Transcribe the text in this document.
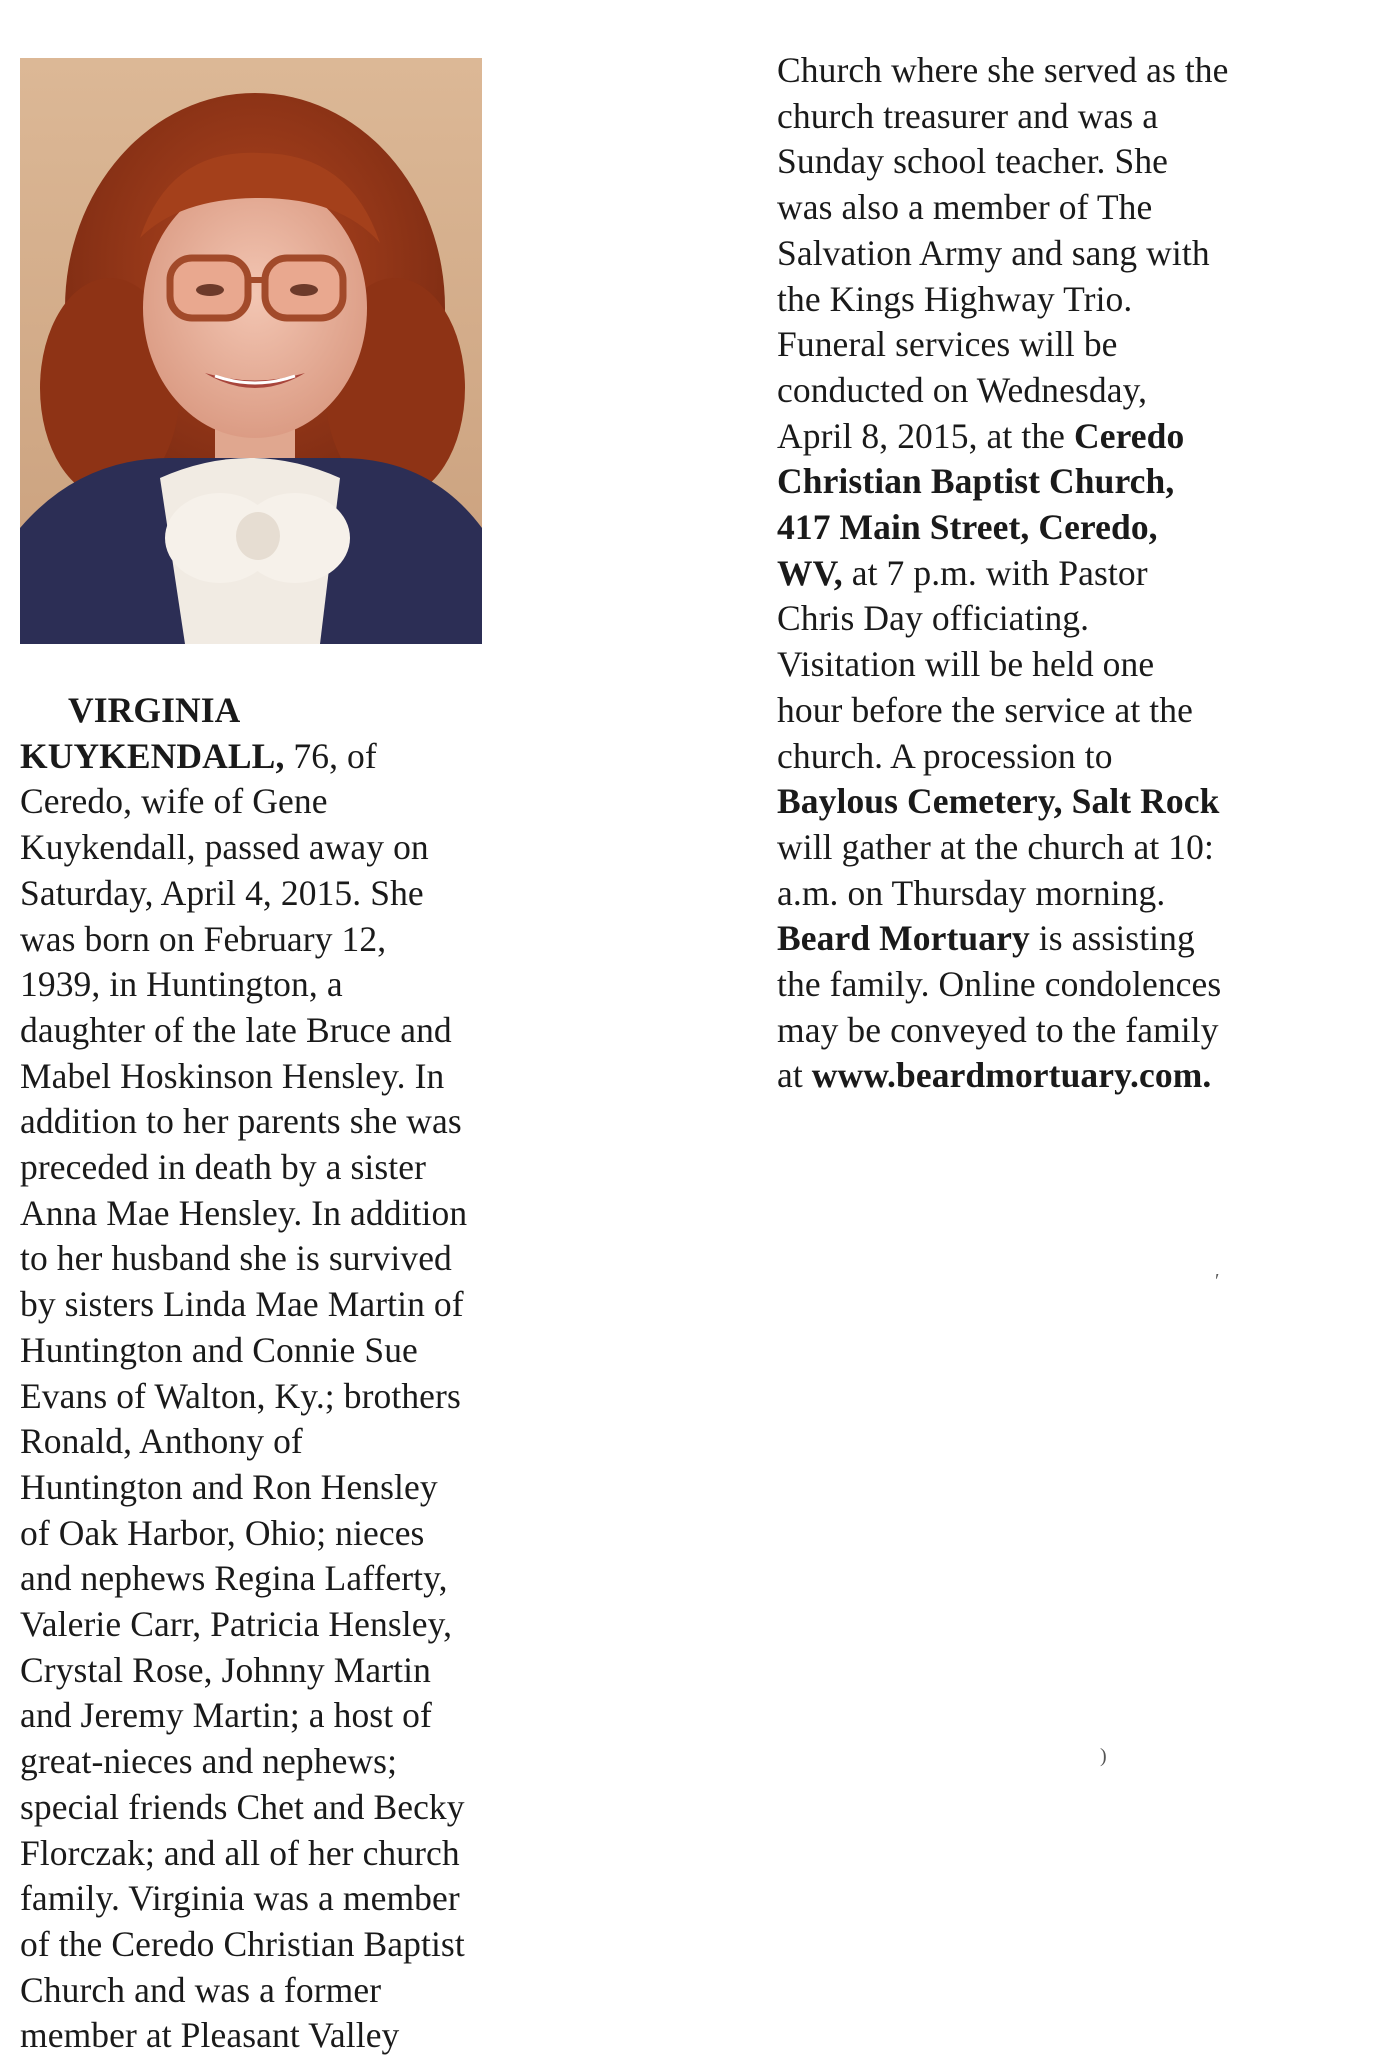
VIRGINIA
KUYKENDALL, 76, of
Ceredo, wife of Gene
Kuykendall, passed away on
Saturday, April 4, 2015. She
was born on February 12,
1939, in Huntington, a
daughter of the late Bruce and
Mabel Hoskinson Hensley. In
addition to her parents she was
preceded in death by a sister
Anna Mae Hensley. In addition
to her husband she is survived
by sisters Linda Mae Martin of
Huntington and Connie Sue
Evans of Walton, Ky.; brothers
Ronald, Anthony of
Huntington and Ron Hensley
of Oak Harbor, Ohio; nieces
and nephews Regina Lafferty,
Valerie Carr, Patricia Hensley,
Crystal Rose, Johnny Martin
and Jeremy Martin; a host of
great-nieces and nephews;
special friends Chet and Becky
Florczak; and all of her church
family. Virginia was a member
of the Ceredo Christian Baptist
Church and was a former
member at Pleasant Valley
Church where she served as the
church treasurer and was a
Sunday school teacher. She
was also a member of The
Salvation Army and sang with
the Kings Highway Trio.
Funeral services will be
conducted on Wednesday,
April 8, 2015, at the Ceredo
Christian Baptist Church,
417 Main Street, Ceredo,
WV, at 7 p.m. with Pastor
Chris Day officiating.
Visitation will be held one
hour before the service at the
church. A procession to
Baylous Cemetery, Salt Rock
will gather at the church at 10:
a.m. on Thursday morning.
Beard Mortuary is assisting
the family. Online condolences
may be conveyed to the family
at www.beardmortuary.com.
′
)
